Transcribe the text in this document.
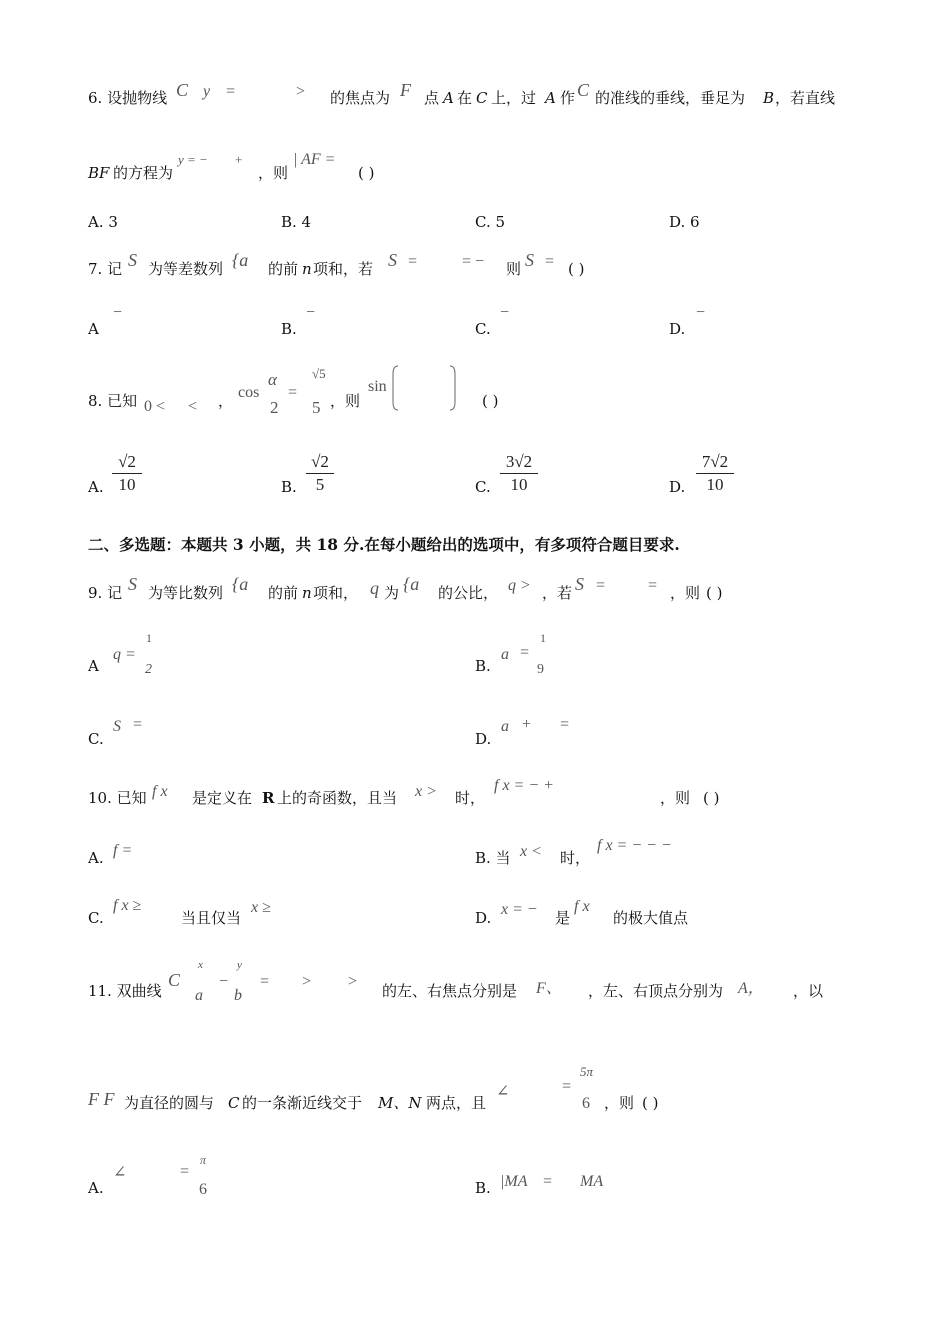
6. 设抛物线 C y =	> 的焦点为 F 点 A 在 C 上，过 A 作 C 的准线的垂线，垂足为 B ，若直线
BF 的方程为
y = − +
，则
| AF =
( )
A. 3	B. 4	C. 5	D. 6
7. 记 S 为等差数列 {a 的前 n 项和，若 S =	= − 则 S = ( )
A
−
B.
−
C.
−
D.
−
8. 已知 0 < < ， cos
α
2
=
√5
5 ，则
sin
( )
A.
√2
10	B.
√2
5	C.
3√2
10	D.
7√2
10
二、多选题：本题共 3 小题，共 18 分.在每小题给出的选项中，有多项符合题目要求.
9. 记 S 为等比数列 {a 的前 n 项和， q 为 {a 的公比， q > ，若 S =	= ，则 ( )
A
q =
1
2	B.
a =
1
9
C.
S =
D.
a + =
10. 已知 f x 是定义在 R 上的奇函数，且当 x > 时，
f x = − +
，则 ( )
A. f =	B. 当 x < 时，
f x = − − −
C.
f x ≥
当且仅当
x ≥
D. x = − 是
f x
的极大值点
11. 双曲线
C
x
a
−
y
b
= > >
的左、右焦点分别是 F、 ，左、右顶点分别为 A， ，以
F F 为直径的圆与 C 的一条渐近线交于 M、N 两点，且
∠	=
5π
6 ，则 ( )
A.
∠	=
π
6	B. |MA = MA
